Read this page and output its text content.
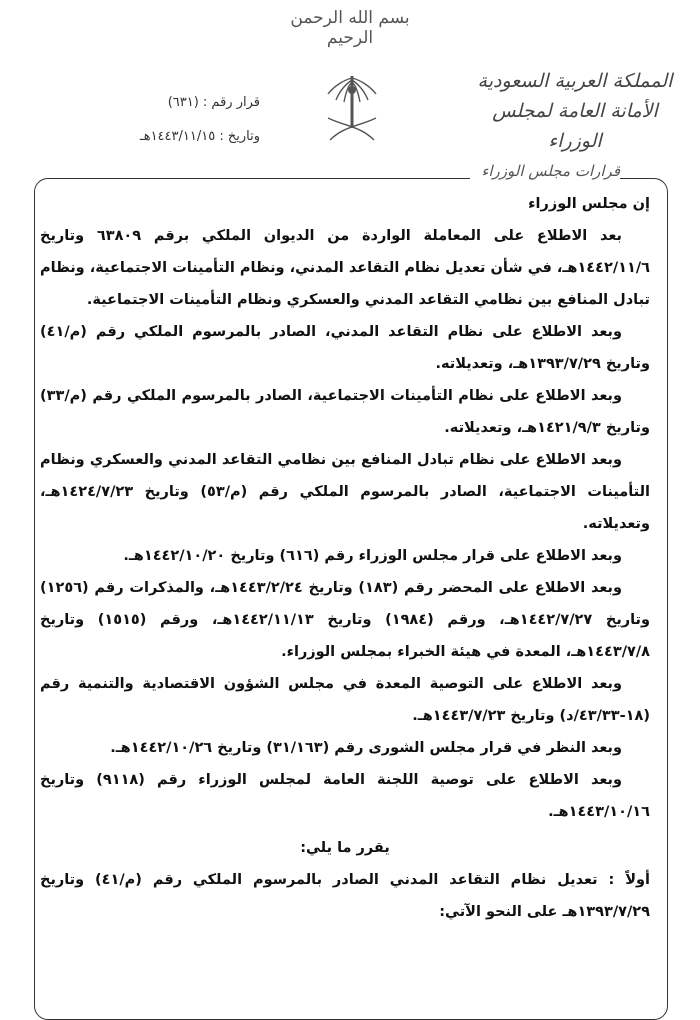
بسم الله الرحمن الرحيم
المملكة العربية السعودية
الأمانة العامة لمجلس الوزراء
قرار رقم : (٦٣١)
وتاريخ : ١٤٤٣/١١/١٥هـ
قرارات مجلس الوزراء

إن مجلس الوزراء

بعد الاطلاع على المعاملة الواردة من الديوان الملكي برقم ٦٣٨٠٩ وتاريخ ١٤٤٢/١١/٦هـ، في شأن تعديل نظام التقاعد المدني، ونظام التأمينات الاجتماعية، ونظام تبادل المنافع بين نظامي التقاعد المدني والعسكري ونظام التأمينات الاجتماعية.

وبعد الاطلاع على نظام التقاعد المدني، الصادر بالمرسوم الملكي رقم (م/٤١) وتاريخ ١٣٩٣/٧/٢٩هـ، وتعديلاته.

وبعد الاطلاع على نظام التأمينات الاجتماعية، الصادر بالمرسوم الملكي رقم (م/٣٣) وتاريخ ١٤٢١/٩/٣هـ، وتعديلاته.

وبعد الاطلاع على نظام تبادل المنافع بين نظامي التقاعد المدني والعسكري ونظام التأمينات الاجتماعية، الصادر بالمرسوم الملكي رقم (م/٥٣) وتاريخ ١٤٢٤/٧/٢٣هـ، وتعديلاته.

وبعد الاطلاع على قرار مجلس الوزراء رقم (٦١٦) وتاريخ ١٤٤٢/١٠/٢٠هـ.

وبعد الاطلاع على المحضر رقم (١٨٣) وتاريخ ١٤٤٣/٢/٢٤هـ، والمذكرات رقم (١٢٥٦) وتاريخ ١٤٤٢/٧/٢٧هـ، ورقم (١٩٨٤) وتاريخ ١٤٤٢/١١/١٣هـ، ورقم (١٥١٥) وتاريخ ١٤٤٣/٧/٨هـ، المعدة في هيئة الخبراء بمجلس الوزراء.

وبعد الاطلاع على التوصية المعدة في مجلس الشؤون الاقتصادية والتنمية رقم (١٨-٤٣/٣٣/د) وتاريخ ١٤٤٣/٧/٢٣هـ.

وبعد النظر في قرار مجلس الشورى رقم (٣١/١٦٣) وتاريخ ١٤٤٢/١٠/٢٦هـ.

وبعد الاطلاع على توصية اللجنة العامة لمجلس الوزراء رقم (٩١١٨) وتاريخ ١٤٤٣/١٠/١٦هـ.

يقرر ما يلي:

أولاً : تعديل نظام التقاعد المدني الصادر بالمرسوم الملكي رقم (م/٤١) وتاريخ ١٣٩٣/٧/٢٩هـ على النحو الآتي:
